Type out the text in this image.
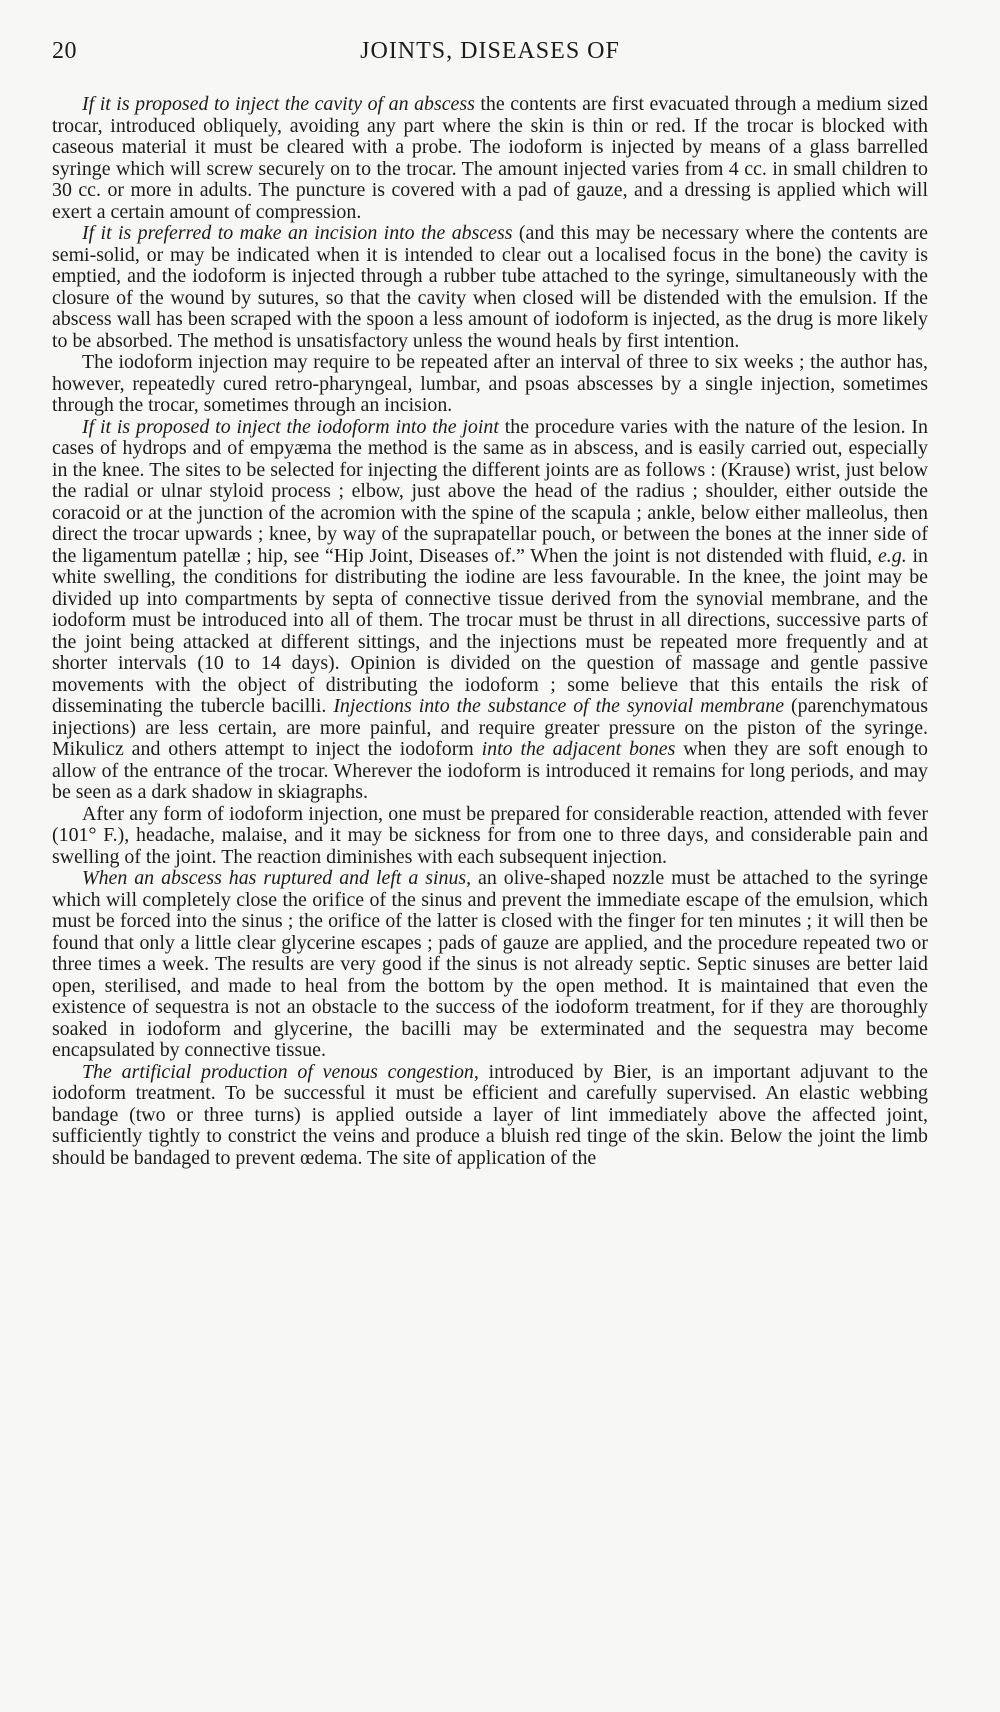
20	JOINTS, DISEASES OF

If it is proposed to inject the cavity of an abscess the contents are first evacuated through a medium sized trocar, introduced obliquely, avoiding any part where the skin is thin or red. If the trocar is blocked with caseous material it must be cleared with a probe. The iodoform is injected by means of a glass barrelled syringe which will screw securely on to the trocar. The amount injected varies from 4 cc. in small children to 30 cc. or more in adults. The puncture is covered with a pad of gauze, and a dressing is applied which will exert a certain amount of compression.

If it is preferred to make an incision into the abscess (and this may be necessary where the contents are semi-solid, or may be indicated when it is intended to clear out a localised focus in the bone) the cavity is emptied, and the iodoform is injected through a rubber tube attached to the syringe, simultaneously with the closure of the wound by sutures, so that the cavity when closed will be distended with the emulsion. If the abscess wall has been scraped with the spoon a less amount of iodoform is injected, as the drug is more likely to be absorbed. The method is unsatisfactory unless the wound heals by first intention.

The iodoform injection may require to be repeated after an interval of three to six weeks ; the author has, however, repeatedly cured retro-pharyngeal, lumbar, and psoas abscesses by a single injection, sometimes through the trocar, sometimes through an incision.

If it is proposed to inject the iodoform into the joint the procedure varies with the nature of the lesion. In cases of hydrops and of empyæma the method is the same as in abscess, and is easily carried out, especially in the knee. The sites to be selected for injecting the different joints are as follows : (Krause) wrist, just below the radial or ulnar styloid process ; elbow, just above the head of the radius ; shoulder, either outside the coracoid or at the junction of the acromion with the spine of the scapula ; ankle, below either malleolus, then direct the trocar upwards ; knee, by way of the suprapatellar pouch, or between the bones at the inner side of the ligamentum patellæ ; hip, see “Hip Joint, Diseases of.” When the joint is not distended with fluid, e.g. in white swelling, the conditions for distributing the iodine are less favourable. In the knee, the joint may be divided up into compartments by septa of connective tissue derived from the synovial membrane, and the iodoform must be introduced into all of them. The trocar must be thrust in all directions, successive parts of the joint being attacked at different sittings, and the injections must be repeated more frequently and at shorter intervals (10 to 14 days). Opinion is divided on the question of massage and gentle passive movements with the object of distributing the iodoform ; some believe that this entails the risk of disseminating the tubercle bacilli. Injections into the substance of the synovial membrane (parenchymatous injections) are less certain, are more painful, and require greater pressure on the piston of the syringe. Mikulicz and others attempt to inject the iodoform into the adjacent bones when they are soft enough to allow of the entrance of the trocar. Wherever the iodoform is introduced it remains for long periods, and may be seen as a dark shadow in skiagraphs.

After any form of iodoform injection, one must be prepared for considerable reaction, attended with fever (101° F.), headache, malaise, and it may be sickness for from one to three days, and considerable pain and swelling of the joint. The reaction diminishes with each subsequent injection.

When an abscess has ruptured and left a sinus, an olive-shaped nozzle must be attached to the syringe which will completely close the orifice of the sinus and prevent the immediate escape of the emulsion, which must be forced into the sinus ; the orifice of the latter is closed with the finger for ten minutes ; it will then be found that only a little clear glycerine escapes ; pads of gauze are applied, and the procedure repeated two or three times a week. The results are very good if the sinus is not already septic. Septic sinuses are better laid open, sterilised, and made to heal from the bottom by the open method. It is maintained that even the existence of sequestra is not an obstacle to the success of the iodoform treatment, for if they are thoroughly soaked in iodoform and glycerine, the bacilli may be exterminated and the sequestra may become encapsulated by connective tissue.

The artificial production of venous congestion, introduced by Bier, is an important adjuvant to the iodoform treatment. To be successful it must be efficient and carefully supervised. An elastic webbing bandage (two or three turns) is applied outside a layer of lint immediately above the affected joint, sufficiently tightly to constrict the veins and produce a bluish red tinge of the skin. Below the joint the limb should be bandaged to prevent œdema. The site of application of the
